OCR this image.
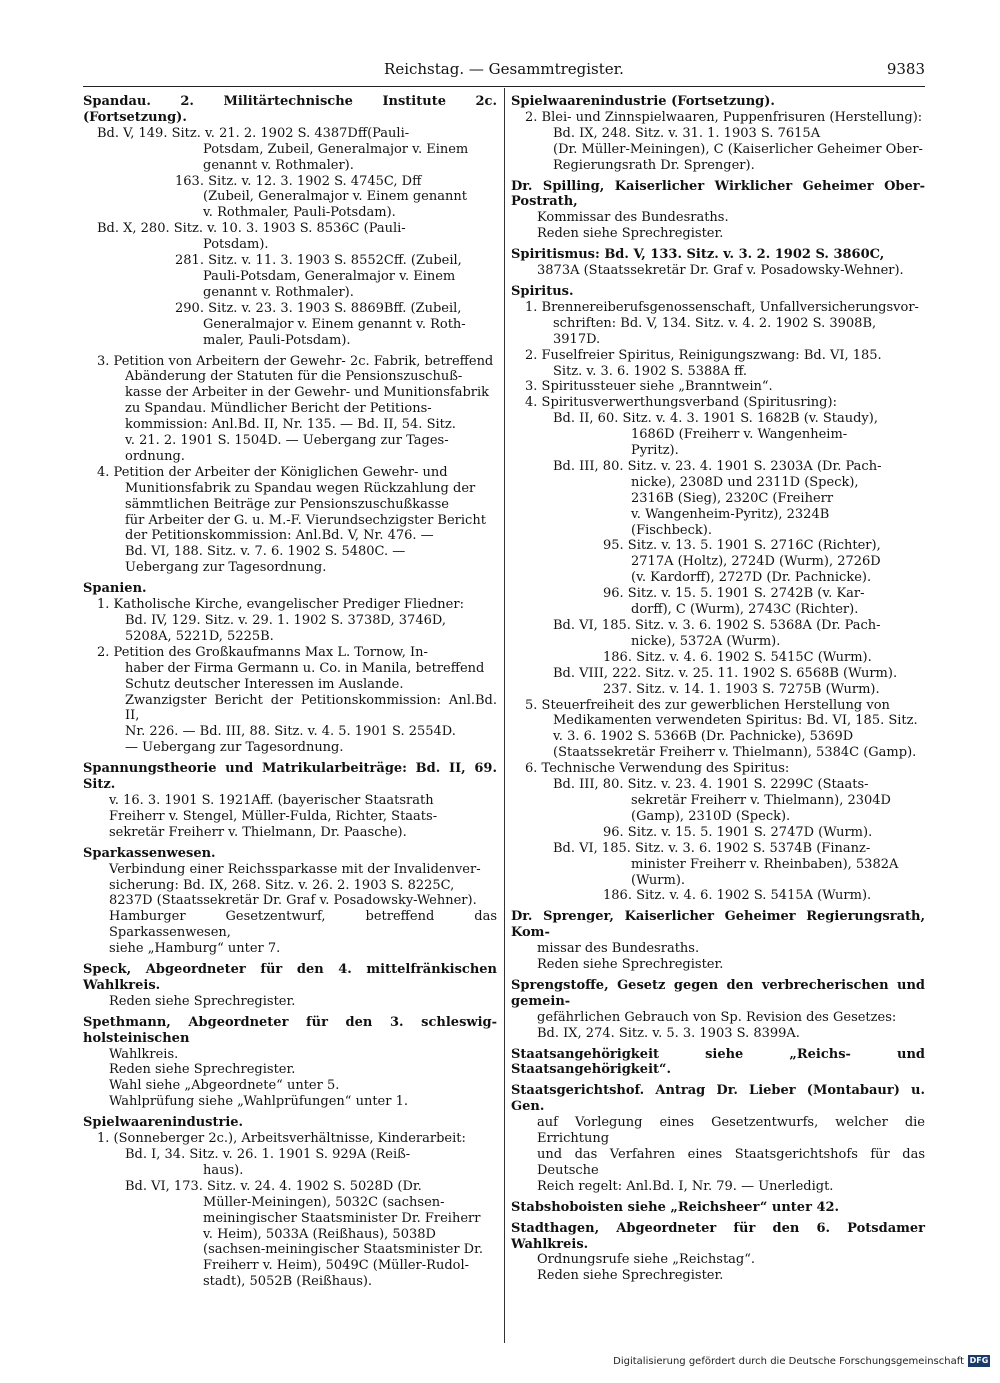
Reichstag. — Gesammtregister.	9383
Spandau. 2. Militärtechnische Institute 2c. (Fortsetzung).
Bd. V, 149. Sitz. v. 21. 2. 1902 S. 4387Dff(Pauli-
Potsdam, Zubeil, Generalmajor v. Einem
genannt v. Rothmaler).
163. Sitz. v. 12. 3. 1902 S. 4745C, Dff
(Zubeil, Generalmajor v. Einem genannt
v. Rothmaler, Pauli-Potsdam).
Bd. X, 280. Sitz. v. 10. 3. 1903 S. 8536C (Pauli-
Potsdam).
281. Sitz. v. 11. 3. 1903 S. 8552Cff. (Zubeil,
Pauli-Potsdam, Generalmajor v. Einem
genannt v. Rothmaler).
290. Sitz. v. 23. 3. 1903 S. 8869Bff. (Zubeil,
Generalmajor v. Einem genannt v. Roth-
maler, Pauli-Potsdam).
3. Petition von Arbeitern der Gewehr- 2c. Fabrik, betreffend
Abänderung der Statuten für die Pensionszuschuß-
kasse der Arbeiter in der Gewehr- und Munitionsfabrik
zu Spandau. Mündlicher Bericht der Petitions-
kommission: Anl.Bd. II, Nr. 135. — Bd. II, 54. Sitz.
v. 21. 2. 1901 S. 1504D. — Uebergang zur Tages-
ordnung.
4. Petition der Arbeiter der Königlichen Gewehr- und
Munitionsfabrik zu Spandau wegen Rückzahlung der
sämmtlichen Beiträge zur Pensionszuschußkasse
für Arbeiter der G. u. M.-F. Vierundsechzigster Bericht
der Petitionskommission: Anl.Bd. V, Nr. 476. —
Bd. VI, 188. Sitz. v. 7. 6. 1902 S. 5480C. —
Uebergang zur Tagesordnung.
Spanien.
1. Katholische Kirche, evangelischer Prediger Fliedner:
Bd. IV, 129. Sitz. v. 29. 1. 1902 S. 3738D, 3746D,
5208A, 5221D, 5225B.
2. Petition des Großkaufmanns Max L. Tornow, In-
haber der Firma Germann u. Co. in Manila, betreffend
Schutz deutscher Interessen im Auslande.
Zwanzigster Bericht der Petitionskommission: Anl.Bd. II,
Nr. 226. — Bd. III, 88. Sitz. v. 4. 5. 1901 S. 2554D.
— Uebergang zur Tagesordnung.
Spannungstheorie und Matrikularbeiträge: Bd. II, 69. Sitz.
v. 16. 3. 1901 S. 1921Aff. (bayerischer Staatsrath
Freiherr v. Stengel, Müller-Fulda, Richter, Staats-
sekretär Freiherr v. Thielmann, Dr. Paasche).
Sparkassenwesen.
Verbindung einer Reichssparkasse mit der Invalidenver-
sicherung: Bd. IX, 268. Sitz. v. 26. 2. 1903 S. 8225C,
8237D (Staatssekretär Dr. Graf v. Posadowsky-Wehner).
Hamburger Gesetzentwurf, betreffend das Sparkassenwesen,
siehe „Hamburg“ unter 7.
Speck, Abgeordneter für den 4. mittelfränkischen Wahlkreis.
Reden siehe Sprechregister.
Spethmann, Abgeordneter für den 3. schleswig-holsteinischen
Wahlkreis.
Reden siehe Sprechregister.
Wahl siehe „Abgeordnete“ unter 5.
Wahlprüfung siehe „Wahlprüfungen“ unter 1.
Spielwaarenindustrie.
1. (Sonneberger 2c.), Arbeitsverhältnisse, Kinderarbeit:
Bd. I, 34. Sitz. v. 26. 1. 1901 S. 929A (Reiß-
haus).
Bd. VI, 173. Sitz. v. 24. 4. 1902 S. 5028D (Dr.
Müller-Meiningen), 5032C (sachsen-
meiningischer Staatsminister Dr. Freiherr
v. Heim), 5033A (Reißhaus), 5038D
(sachsen-meiningischer Staatsminister Dr.
Freiherr v. Heim), 5049C (Müller-Rudol-
stadt), 5052B (Reißhaus).
Spielwaarenindustrie (Fortsetzung).
2. Blei- und Zinnspielwaaren, Puppenfrisuren (Herstellung):
Bd. IX, 248. Sitz. v. 31. 1. 1903 S. 7615A
(Dr. Müller-Meiningen), C (Kaiserlicher Geheimer Ober-
Regierungsrath Dr. Sprenger).
Dr. Spilling, Kaiserlicher Wirklicher Geheimer Ober-Postrath,
Kommissar des Bundesraths.
Reden siehe Sprechregister.
Spiritismus: Bd. V, 133. Sitz. v. 3. 2. 1902 S. 3860C,
3873A (Staatssekretär Dr. Graf v. Posadowsky-Wehner).
Spiritus.
1. Brennereiberufsgenossenschaft, Unfallversicherungsvor-
schriften: Bd. V, 134. Sitz. v. 4. 2. 1902 S. 3908B,
3917D.
2. Fuselfreier Spiritus, Reinigungszwang: Bd. VI, 185.
Sitz. v. 3. 6. 1902 S. 5388A ff.
3. Spiritussteuer siehe „Branntwein“.
4. Spiritusverwerthungsverband (Spiritusring):
Bd. II, 60. Sitz. v. 4. 3. 1901 S. 1682B (v. Staudy),
1686D (Freiherr v. Wangenheim-
Pyritz).
Bd. III, 80. Sitz. v. 23. 4. 1901 S. 2303A (Dr. Pach-
nicke), 2308D und 2311D (Speck),
2316B (Sieg), 2320C (Freiherr
v. Wangenheim-Pyritz), 2324B
(Fischbeck).
95. Sitz. v. 13. 5. 1901 S. 2716C (Richter),
2717A (Holtz), 2724D (Wurm), 2726D
(v. Kardorff), 2727D (Dr. Pachnicke).
96. Sitz. v. 15. 5. 1901 S. 2742B (v. Kar-
dorff), C (Wurm), 2743C (Richter).
Bd. VI, 185. Sitz. v. 3. 6. 1902 S. 5368A (Dr. Pach-
nicke), 5372A (Wurm).
186. Sitz. v. 4. 6. 1902 S. 5415C (Wurm).
Bd. VIII, 222. Sitz. v. 25. 11. 1902 S. 6568B (Wurm).
237. Sitz. v. 14. 1. 1903 S. 7275B (Wurm).
5. Steuerfreiheit des zur gewerblichen Herstellung von
Medikamenten verwendeten Spiritus: Bd. VI, 185. Sitz.
v. 3. 6. 1902 S. 5366B (Dr. Pachnicke), 5369D
(Staatssekretär Freiherr v. Thielmann), 5384C (Gamp).
6. Technische Verwendung des Spiritus:
Bd. III, 80. Sitz. v. 23. 4. 1901 S. 2299C (Staats-
sekretär Freiherr v. Thielmann), 2304D
(Gamp), 2310D (Speck).
96. Sitz. v. 15. 5. 1901 S. 2747D (Wurm).
Bd. VI, 185. Sitz. v. 3. 6. 1902 S. 5374B (Finanz-
minister Freiherr v. Rheinbaben), 5382A
(Wurm).
186. Sitz. v. 4. 6. 1902 S. 5415A (Wurm).
Dr. Sprenger, Kaiserlicher Geheimer Regierungsrath, Kom-
missar des Bundesraths.
Reden siehe Sprechregister.
Sprengstoffe, Gesetz gegen den verbrecherischen und gemein-
gefährlichen Gebrauch von Sp. Revision des Gesetzes:
Bd. IX, 274. Sitz. v. 5. 3. 1903 S. 8399A.
Staatsangehörigkeit siehe „Reichs- und Staatsangehörigkeit“.
Staatsgerichtshof. Antrag Dr. Lieber (Montabaur) u. Gen.
auf Vorlegung eines Gesetzentwurfs, welcher die Errichtung
und das Verfahren eines Staatsgerichtshofs für das Deutsche
Reich regelt: Anl.Bd. I, Nr. 79. — Unerledigt.
Stabshoboisten siehe „Reichsheer“ unter 42.
Stadthagen, Abgeordneter für den 6. Potsdamer Wahlkreis.
Ordnungsrufe siehe „Reichstag“.
Reden siehe Sprechregister.
Digitalisierung gefördert durch die Deutsche Forschungsgemeinschaft DFG
